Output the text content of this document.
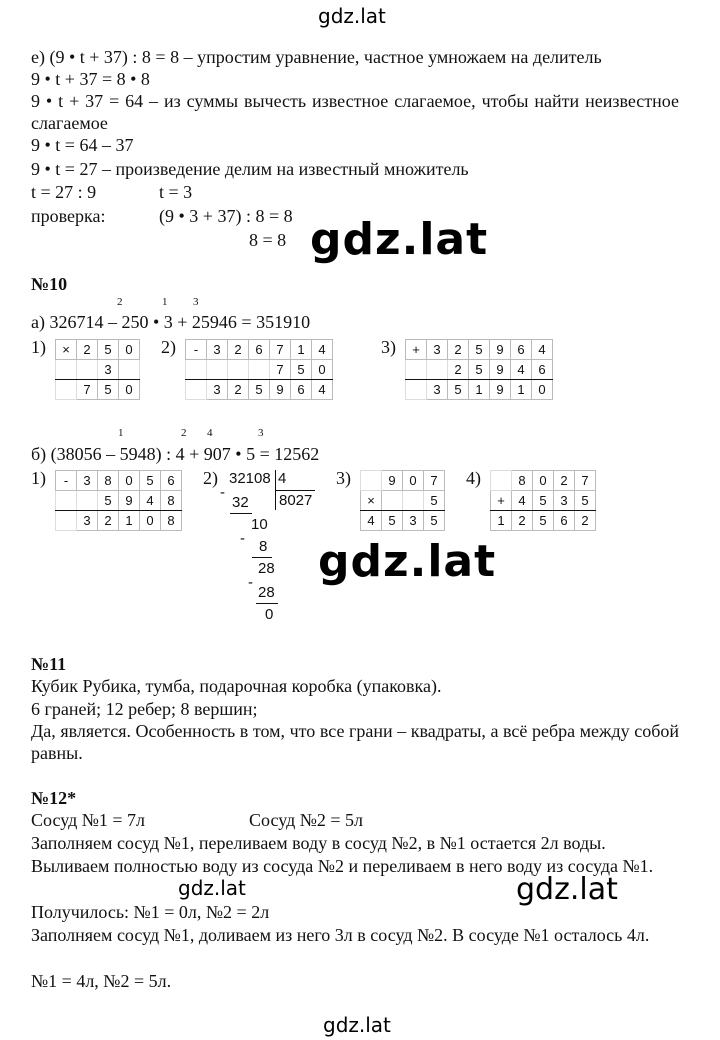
gdz.lat
gdz.lat
gdz.lat
gdz.lat	gdz.lat
gdz.lat
е) (9 • t + 37) : 8 = 8 – упростим уравнение, частное умножаем на делитель
9 • t + 37 = 8 • 8
9 • t + 37 = 64 – из суммы вычесть известное слагаемое, чтобы найти неизвестное слагаемое
9 • t = 64 – 37
9 • t = 27 – произведение делим на известный множитель
t = 27 : 9	t = 3
проверка:	(9 • 3 + 37) : 8 = 8
8 = 8
№10
2	1 3
а) 326714 – 250 • 3 + 25946 = 351910
1)	2)	3)
×	2	5	0
		3	
	7	5	0
-	3	2	6	7	1	4
				7	5	0
	3	2	5	9	6	4
+	3	2	5	9	6	4
		2	5	9	4	6
	3	5	1	9	1	0
1	2 4	3
б) (38056 – 5948) : 4 + 907 • 5 = 12562
1)	2)	3)	4)
-	3	8	0	5	6
		5	9	4	8
	3	2	1	0	8
32108 4
8027
-
32
10
- 8
28
-
28
0
	9	0	7
×			5
4	5	3	5
	8	0	2	7
+	4	5	3	5
1	2	5	6	2
№11
Кубик Рубика, тумба, подарочная коробка (упаковка).
6 граней; 12 ребер; 8 вершин;
Да, является. Особенность в том, что все грани – квадраты, а всё ребра между собой равны.
№12*
Сосуд №1 = 7л	Сосуд №2 = 5л
Заполняем сосуд №1, переливаем воду в сосуд №2, в №1 остается 2л воды.
Выливаем полностью воду из сосуда №2 и переливаем в него воду из сосуда №1.
Получилось: №1 = 0л, №2 = 2л
Заполняем сосуд №1, доливаем из него 3л в сосуд №2. В сосуде №1 осталось 4л.
№1 = 4л, №2 = 5л.
